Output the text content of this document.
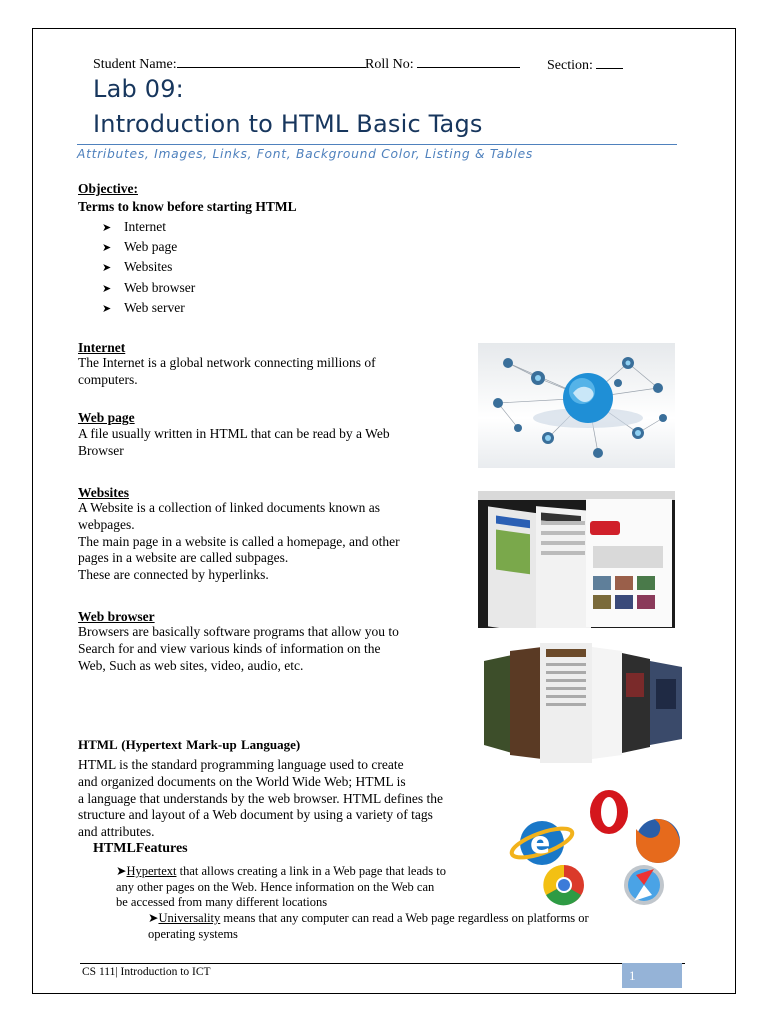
Student Name:	Roll No:	Section:
Lab 09:
Introduction to HTML Basic Tags
Attributes, Images, Links, Font, Background Color, Listing & Tables
Objective:
Terms to know before starting HTML
➤ Internet
➤ Web page
➤ Websites
➤ Web browser
➤ Web server
Internet
The Internet is a global network connecting millions of
computers.
Web page
A file usually written in HTML that can be read by a Web
Browser
Websites
A Website is a collection of linked documents known as
webpages.
The main page in a website is called a homepage, and other
pages in a website are called subpages.
These are connected by hyperlinks.
Web browser
Browsers are basically software programs that allow you to
Search for and view various kinds of information on the
Web, Such as web sites, video, audio, etc.
HTML (Hypertext Mark-up Language)
HTML is the standard programming language used to create
and organized documents on the World Wide Web; HTML is
a language that understands by the web browser. HTML defines the
structure and layout of a Web document by using a variety of tags
and attributes.
HTMLFeatures
➤Hypertext that allows creating a link in a Web page that leads to
any other pages on the Web. Hence information on the Web can
be accessed from many different locations
➤Universality means that any computer can read a Web page regardless on platforms or
operating systems
e
CS 111| Introduction to ICT	1
